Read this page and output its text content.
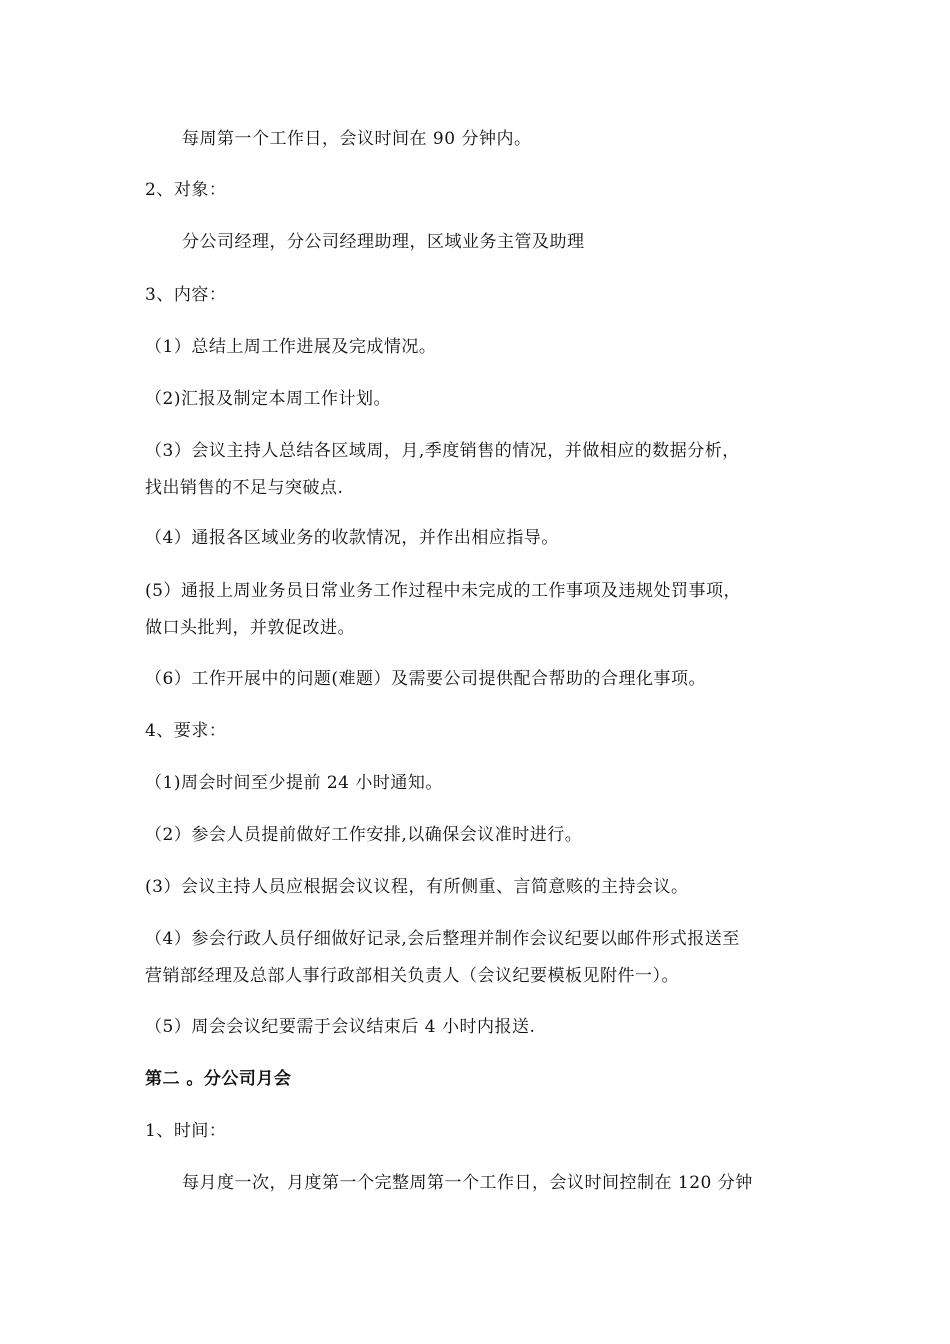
每周第一个工作日，会议时间在 90 分钟内。
2、对象：
分公司经理，分公司经理助理，区域业务主管及助理
3、内容：
（1）总结上周工作进展及完成情况。
（2)汇报及制定本周工作计划。
（3）会议主持人总结各区域周，月,季度销售的情况，并做相应的数据分析，
找出销售的不足与突破点.
（4）通报各区域业务的收款情况，并作出相应指导。
(5）通报上周业务员日常业务工作过程中未完成的工作事项及违规处罚事项，
做口头批判，并敦促改进。
（6）工作开展中的问题(难题）及需要公司提供配合帮助的合理化事项。
4、要求：
（1)周会时间至少提前 24 小时通知。
（2）参会人员提前做好工作安排,以确保会议准时进行。
(3）会议主持人员应根据会议议程，有所侧重、言简意赅的主持会议。
（4）参会行政人员仔细做好记录,会后整理并制作会议纪要以邮件形式报送至
营销部经理及总部人事行政部相关负责人（会议纪要模板见附件一）。
（5）周会会议纪要需于会议结束后 4 小时内报送.
第二 。分公司月会
1、时间：
每月度一次，月度第一个完整周第一个工作日，会议时间控制在 120 分钟
